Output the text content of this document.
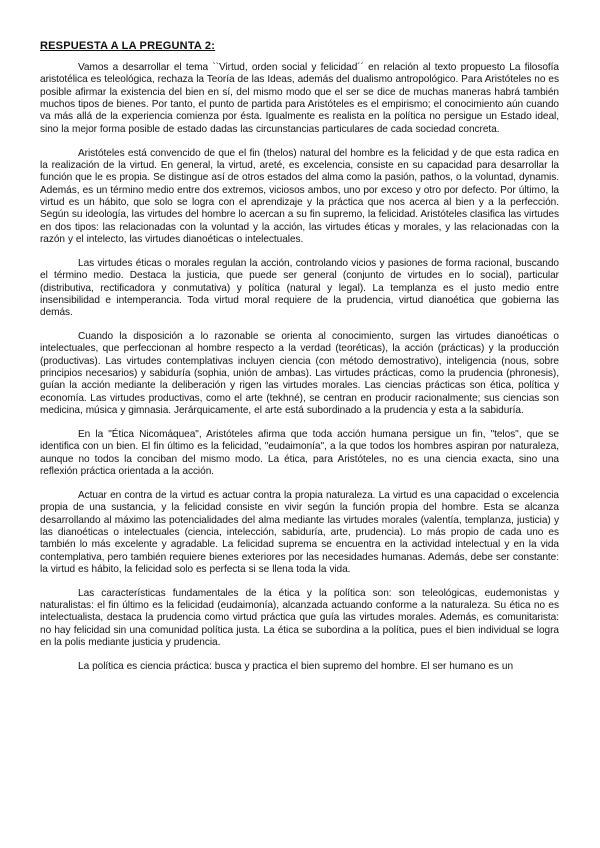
RESPUESTA A LA PREGUNTA 2:

Vamos a desarrollar el tema ``Virtud, orden social y felicidad´´ en relación al texto propuesto La filosofía aristotélica es teleológica, rechaza la Teoría de las Ideas, además del dualismo antropológico. Para Aristóteles no es posible afirmar la existencia del bien en sí, del mismo modo que el ser se dice de muchas maneras habrá también muchos tipos de bienes. Por tanto, el punto de partida para Aristóteles es el empirismo; el conocimiento aún cuando va más allá de la experiencia comienza por ésta. Igualmente es realista en la política no persigue un Estado ideal, sino la mejor forma posible de estado dadas las circunstancias particulares de cada sociedad concreta.

Aristóteles está convencido de que el fin (thelos) natural del hombre es la felicidad y de que esta radica en la realización de la virtud. En general, la virtud, areté, es excelencia, consiste en su capacidad para desarrollar la función que le es propia. Se distingue así de otros estados del alma como la pasión, pathos, o la voluntad, dynamis. Además, es un término medio entre dos extremos, viciosos ambos, uno por exceso y otro por defecto. Por último, la virtud es un hábito, que solo se logra con el aprendizaje y la práctica que nos acerca al bien y a la perfección. Según su ideología, las virtudes del hombre lo acercan a su fin supremo, la felicidad. Aristóteles clasifica las virtudes en dos tipos: las relacionadas con la voluntad y la acción, las virtudes éticas y morales, y las relacionadas con la razón y el intelecto, las virtudes dianoéticas o intelectuales.

Las virtudes éticas o morales regulan la acción, controlando vicios y pasiones de forma racional, buscando el término medio. Destaca la justicia, que puede ser general (conjunto de virtudes en lo social), particular (distributiva, rectificadora y conmutativa) y política (natural y legal). La templanza es el justo medio entre insensibilidad e intemperancia. Toda virtud moral requiere de la prudencia, virtud dianoética que gobierna las demás.

Cuando la disposición a lo razonable se orienta al conocimiento, surgen las virtudes dianoéticas o intelectuales, que perfeccionan al hombre respecto a la verdad (teoréticas), la acción (prácticas) y la producción (productivas). Las virtudes contemplativas incluyen ciencia (con método demostrativo), inteligencia (nous, sobre principios necesarios) y sabiduría (sophia, unión de ambas). Las virtudes prácticas, como la prudencia (phronesis), guían la acción mediante la deliberación y rigen las virtudes morales. Las ciencias prácticas son ética, política y economía. Las virtudes productivas, como el arte (tekhné), se centran en producir racionalmente; sus ciencias son medicina, música y gimnasia. Jerárquicamente, el arte está subordinado a la prudencia y esta a la sabiduría.

En la "Ética Nicomáquea", Aristóteles afirma que toda acción humana persigue un fin, "telos", que se identifica con un bien. El fin último es la felicidad, "eudaimonía", a la que todos los hombres aspiran por naturaleza, aunque no todos la conciban del mismo modo. La ética, para Aristóteles, no es una ciencia exacta, sino una reflexión práctica orientada a la acción.

Actuar en contra de la virtud es actuar contra la propia naturaleza. La virtud es una capacidad o excelencia propia de una sustancia, y la felicidad consiste en vivir según la función propia del hombre. Esta se alcanza desarrollando al máximo las potencialidades del alma mediante las virtudes morales (valentía, templanza, justicia) y las dianoéticas o intelectuales (ciencia, intelección, sabiduría, arte, prudencia). Lo más propio de cada uno es también lo más excelente y agradable. La felicidad suprema se encuentra en la actividad intelectual y en la vida contemplativa, pero también requiere bienes exteriores por las necesidades humanas. Además, debe ser constante: la virtud es hábito, la felicidad solo es perfecta si se llena toda la vida.

Las características fundamentales de la ética y la política son: son teleológicas, eudemonistas y naturalistas: el fin último es la felicidad (eudaimonía), alcanzada actuando conforme a la naturaleza. Su ética no es intelectualista, destaca la prudencia como virtud práctica que guía las virtudes morales. Además, es comunitarista: no hay felicidad sin una comunidad política justa. La ética se subordina a la política, pues el bien individual se logra en la polis mediante justicia y prudencia.

La política es ciencia práctica: busca y practica el bien supremo del hombre. El ser humano es un
